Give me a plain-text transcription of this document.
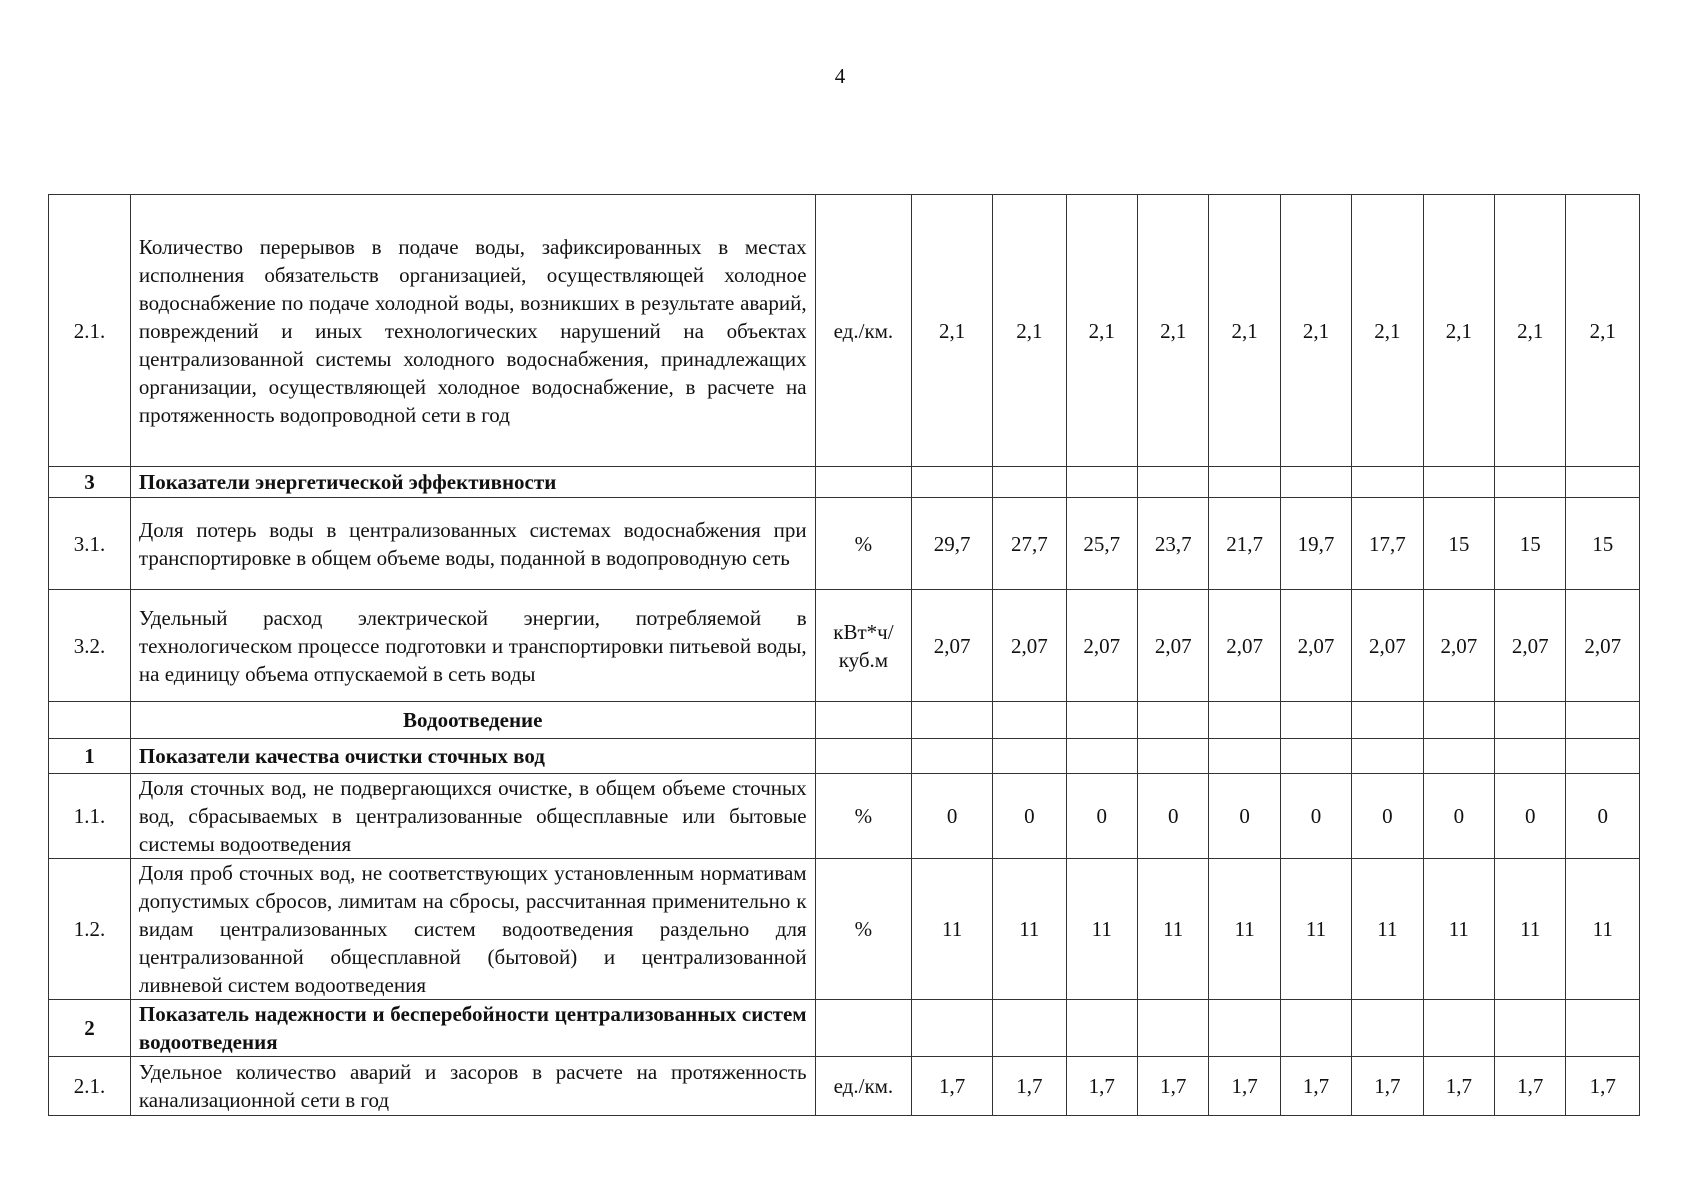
4
2.1.	Количество перерывов в подаче воды, зафиксированных в местах исполнения обязательств организацией, осуществляющей холодное водоснабжение по подаче холодной воды, возникших в результате аварий, повреждений и иных технологических нарушений на объектах централизованной системы холодного водоснабжения, принадлежащих организации, осуществляющей холодное водоснабжение, в расчете на протяженность водопроводной сети в год	ед./км.	2,1	2,1	2,1	2,1	2,1	2,1	2,1	2,1	2,1	2,1
3	Показатели энергетической эффективности											
3.1.	Доля потерь воды в централизованных системах водоснабжения при транспортировке в общем объеме воды, поданной в водопроводную сеть	%	29,7	27,7	25,7	23,7	21,7	19,7	17,7	15	15	15
3.2.	Удельный расход электрической энергии, потребляемой в технологическом процессе подготовки и транспортировки питьевой воды, на единицу объема отпускаемой в сеть воды	кВт*ч/
куб.м	2,07	2,07	2,07	2,07	2,07	2,07	2,07	2,07	2,07	2,07
	Водоотведение											
1	Показатели качества очистки сточных вод											
1.1.	Доля сточных вод, не подвергающихся очистке, в общем объеме сточных вод, сбрасываемых в централизованные общесплавные или бытовые системы водоотведения	%	0	0	0	0	0	0	0	0	0	0
1.2.	Доля проб сточных вод, не соответствующих установленным нормативам допустимых сбросов, лимитам на сбросы, рассчитанная применительно к видам централизованных систем водоотведения раздельно для централизованной общесплавной (бытовой) и централизованной ливневой систем водоотведения	%	11	11	11	11	11	11	11	11	11	11
2	Показатель надежности и бесперебойности централизованных систем водоотведения											
2.1.	Удельное количество аварий и засоров в расчете на протяженность канализационной сети в год	ед./км.	1,7	1,7	1,7	1,7	1,7	1,7	1,7	1,7	1,7	1,7
